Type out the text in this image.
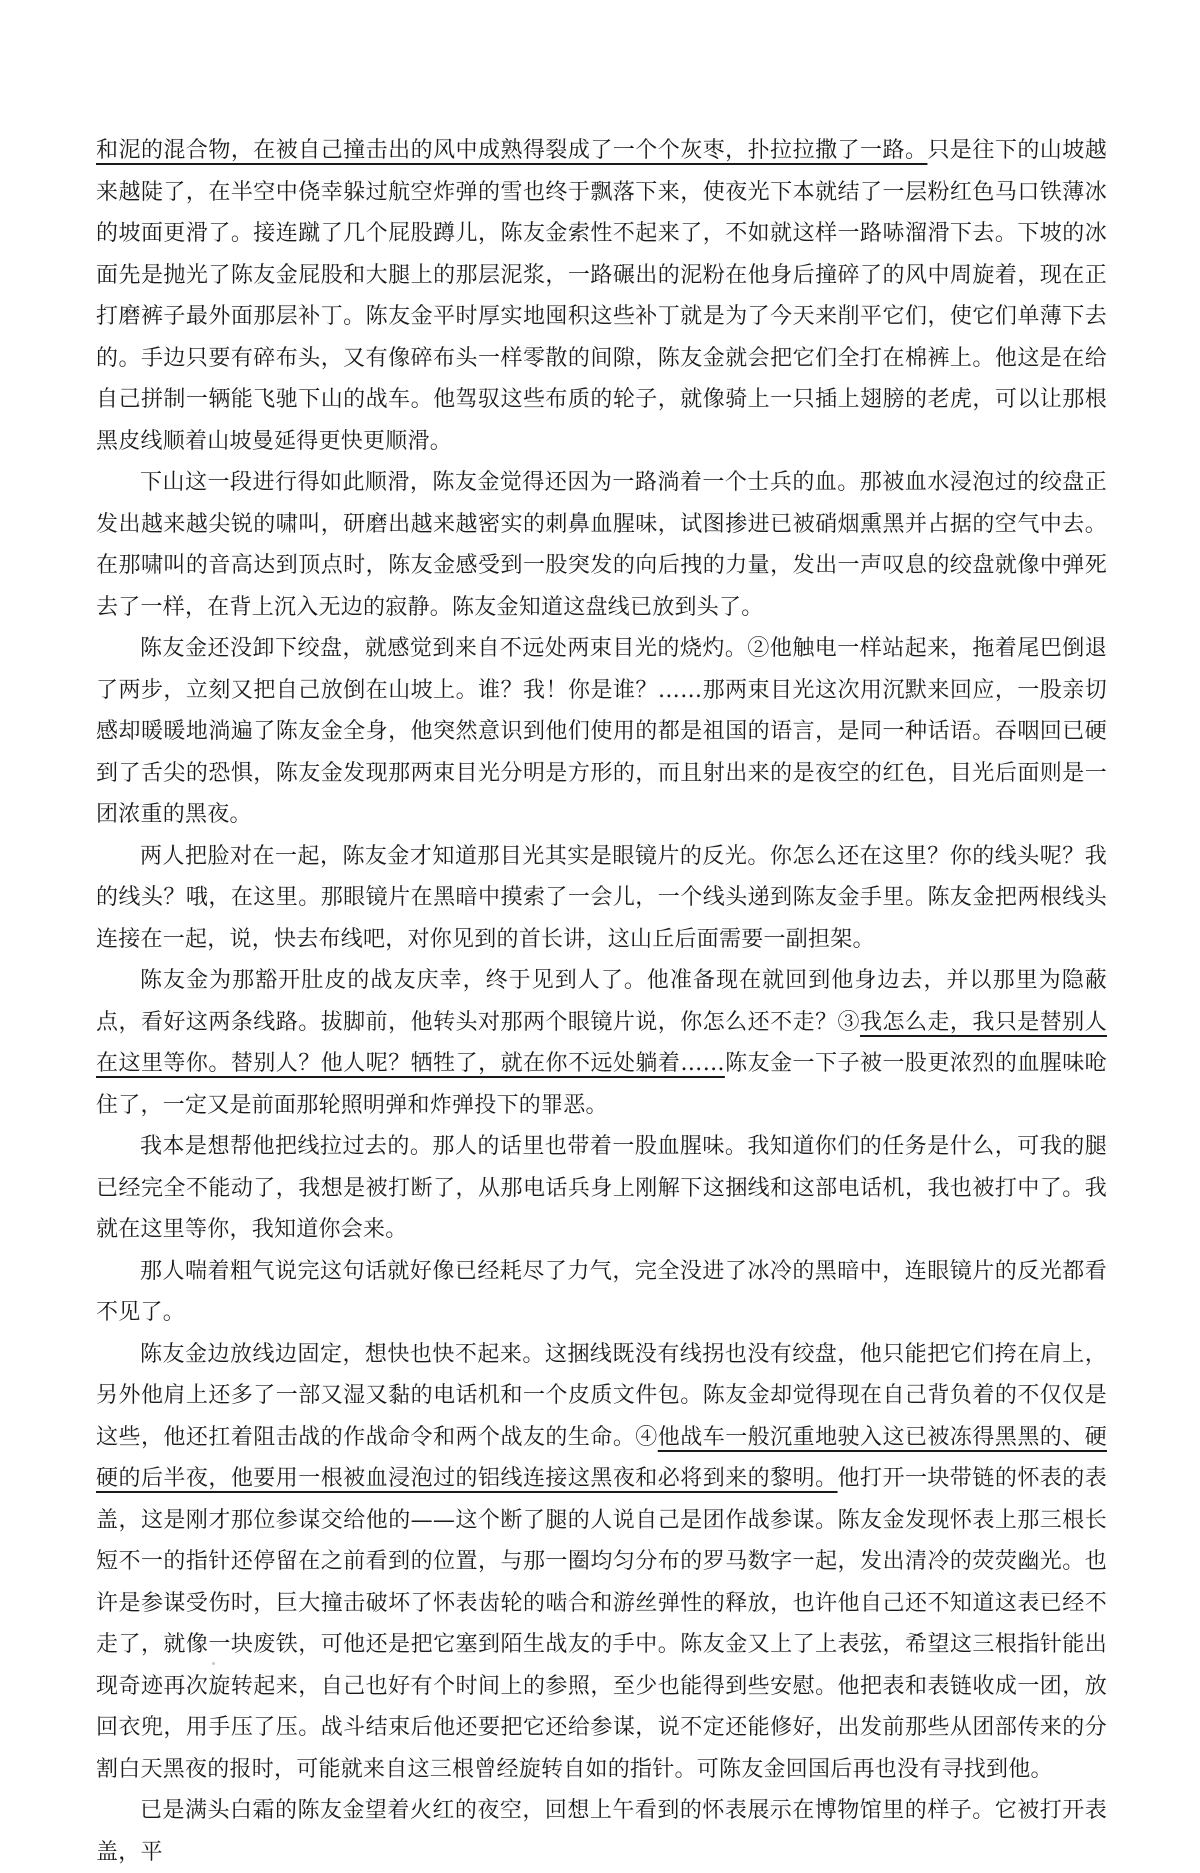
和泥的混合物，在被自己撞击出的风中成熟得裂成了一个个灰枣，扑拉拉撒了一路。只是往下的山坡越来越陡了，在半空中侥幸躲过航空炸弹的雪也终于飘落下来，使夜光下本就结了一层粉红色马口铁薄冰的坡面更滑了。接连蹴了几个屁股蹲儿，陈友金索性不起来了，不如就这样一路哧溜滑下去。下坡的冰面先是抛光了陈友金屁股和大腿上的那层泥浆，一路碾出的泥粉在他身后撞碎了的风中周旋着，现在正打磨裤子最外面那层补丁。陈友金平时厚实地囤积这些补丁就是为了今天来削平它们，使它们单薄下去的。手边只要有碎布头，又有像碎布头一样零散的间隙，陈友金就会把它们全打在棉裤上。他这是在给自己拼制一辆能飞驰下山的战车。他驾驭这些布质的轮子，就像骑上一只插上翅膀的老虎，可以让那根黑皮线顺着山坡曼延得更快更顺滑。

下山这一段进行得如此顺滑，陈友金觉得还因为一路淌着一个士兵的血。那被血水浸泡过的绞盘正发出越来越尖锐的啸叫，研磨出越来越密实的刺鼻血腥味，试图掺进已被硝烟熏黑并占据的空气中去。在那啸叫的音高达到顶点时，陈友金感受到一股突发的向后拽的力量，发出一声叹息的绞盘就像中弹死去了一样，在背上沉入无边的寂静。陈友金知道这盘线已放到头了。

陈友金还没卸下绞盘，就感觉到来自不远处两束目光的烧灼。②他触电一样站起来，拖着尾巴倒退了两步，立刻又把自己放倒在山坡上。谁？我！你是谁？……那两束目光这次用沉默来回应，一股亲切感却暖暖地淌遍了陈友金全身，他突然意识到他们使用的都是祖国的语言，是同一种话语。吞咽回已硬到了舌尖的恐惧，陈友金发现那两束目光分明是方形的，而且射出来的是夜空的红色，目光后面则是一团浓重的黑夜。

两人把脸对在一起，陈友金才知道那目光其实是眼镜片的反光。你怎么还在这里？你的线头呢？我的线头？哦，在这里。那眼镜片在黑暗中摸索了一会儿，一个线头递到陈友金手里。陈友金把两根线头连接在一起，说，快去布线吧，对你见到的首长讲，这山丘后面需要一副担架。

陈友金为那豁开肚皮的战友庆幸，终于见到人了。他准备现在就回到他身边去，并以那里为隐蔽点，看好这两条线路。拔脚前，他转头对那两个眼镜片说，你怎么还不走？③我怎么走，我只是替别人在这里等你。替别人？他人呢？牺牲了，就在你不远处躺着……陈友金一下子被一股更浓烈的血腥味呛住了，一定又是前面那轮照明弹和炸弹投下的罪恶。

我本是想帮他把线拉过去的。那人的话里也带着一股血腥味。我知道你们的任务是什么，可我的腿已经完全不能动了，我想是被打断了，从那电话兵身上刚解下这捆线和这部电话机，我也被打中了。我就在这里等你，我知道你会来。

那人喘着粗气说完这句话就好像已经耗尽了力气，完全没进了冰冷的黑暗中，连眼镜片的反光都看不见了。

陈友金边放线边固定，想快也快不起来。这捆线既没有线拐也没有绞盘，他只能把它们挎在肩上，另外他肩上还多了一部又湿又黏的电话机和一个皮质文件包。陈友金却觉得现在自己背负着的不仅仅是这些，他还扛着阻击战的作战命令和两个战友的生命。④他战车一般沉重地驶入这已被冻得黑黑的、硬硬的后半夜，他要用一根被血浸泡过的铝线连接这黑夜和必将到来的黎明。他打开一块带链的怀表的表盖，这是刚才那位参谋交给他的——这个断了腿的人说自己是团作战参谋。陈友金发现怀表上那三根长短不一的指针还停留在之前看到的位置，与那一圈均匀分布的罗马数字一起，发出清冷的荧荧幽光。也许是参谋受伤时，巨大撞击破坏了怀表齿轮的啮合和游丝弹性的释放，也许他自己还不知道这表已经不走了，就像一块废铁，可他还是把它塞到陌生战友的手中。陈友金又上了上表弦，希望这三根指针能出现奇迹再次旋转起来，自己也好有个时间上的参照，至少也能得到些安慰。他把表和表链收成一团，放回衣兜，用手压了压。战斗结束后他还要把它还给参谋，说不定还能修好，出发前那些从团部传来的分割白天黑夜的报时，可能就来自这三根曾经旋转自如的指针。可陈友金回国后再也没有寻找到他。

已是满头白霜的陈友金望着火红的夜空，回想上午看到的怀表展示在博物馆里的样子。它被打开表盖，平
